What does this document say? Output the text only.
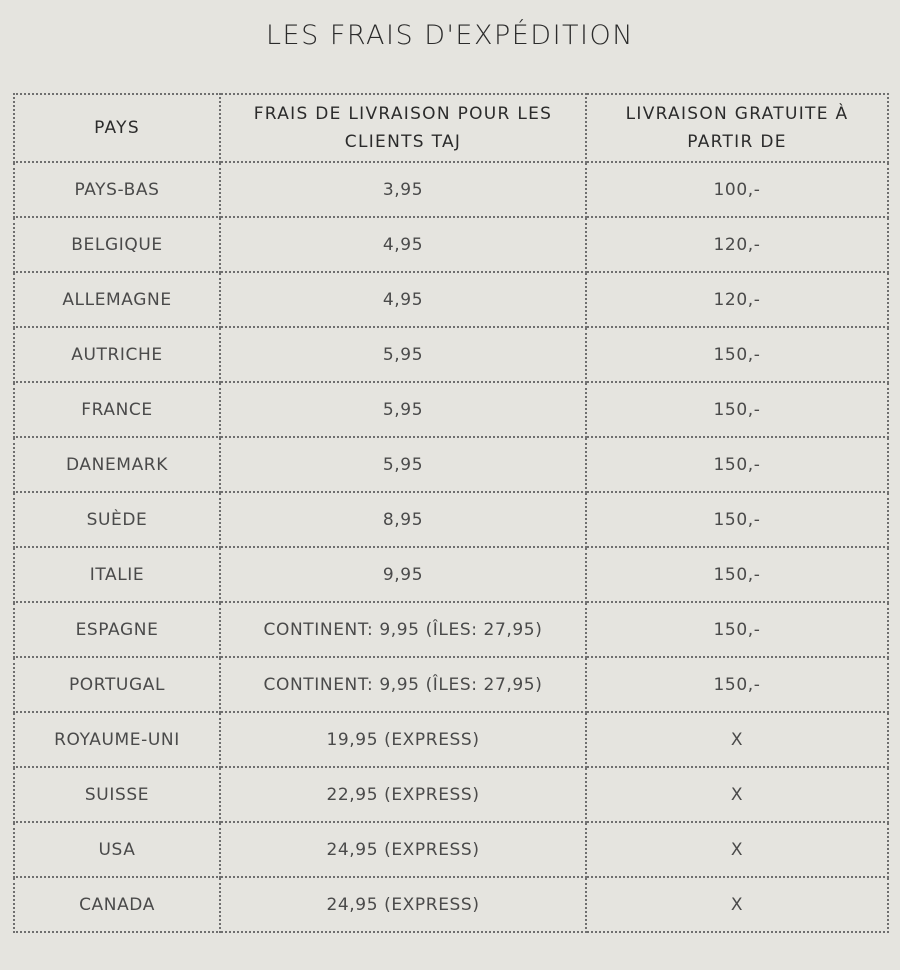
LES FRAIS D'EXPÉDITION
PAYS	FRAIS DE LIVRAISON POUR LES CLIENTS TAJ	LIVRAISON GRATUITE À PARTIR DE
PAYS-BAS	3,95	100,-
BELGIQUE	4,95	120,-
ALLEMAGNE	4,95	120,-
AUTRICHE	5,95	150,-
FRANCE	5,95	150,-
DANEMARK	5,95	150,-
SUÈDE	8,95	150,-
ITALIE	9,95	150,-
ESPAGNE	CONTINENT: 9,95 (ÎLES: 27,95)	150,-
PORTUGAL	CONTINENT: 9,95 (ÎLES: 27,95)	150,-
ROYAUME-UNI	19,95 (EXPRESS)	X
SUISSE	22,95 (EXPRESS)	X
USA	24,95 (EXPRESS)	X
CANADA	24,95 (EXPRESS)	X
